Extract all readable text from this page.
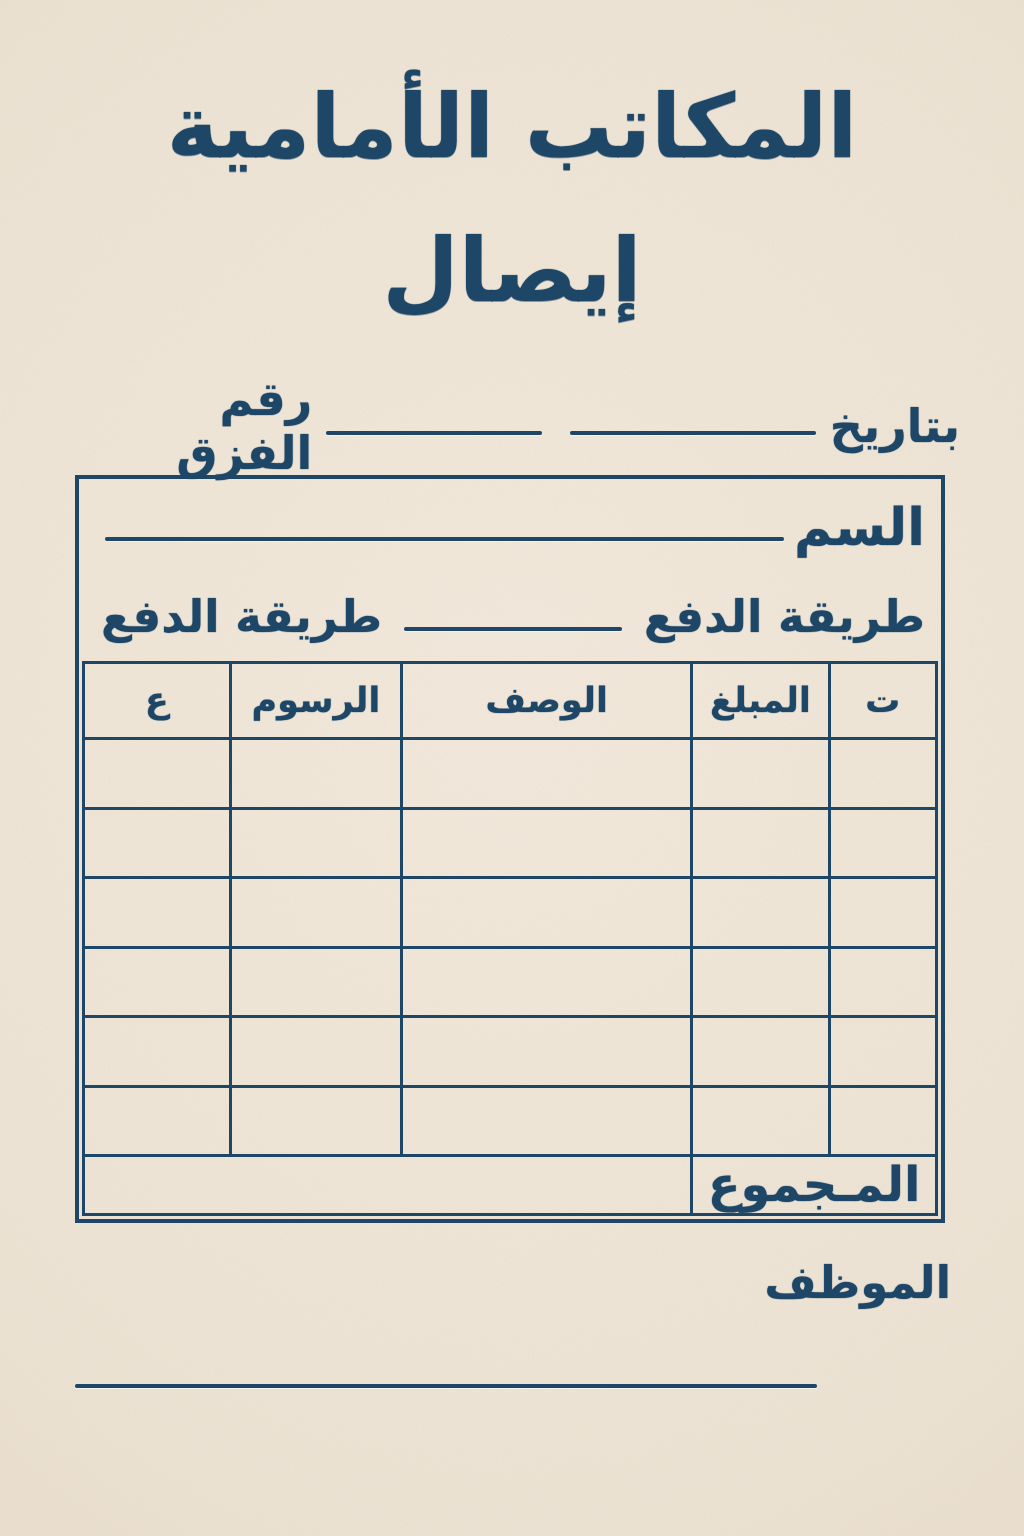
المكاتب الأمامية
إيصال
بتاريخ
رقم الفزق
السم
طريقة الدفع
طريقة الدفع
ت	المبلغ	الوصف	الرسوم	ع

المـجموع				
الموظف
